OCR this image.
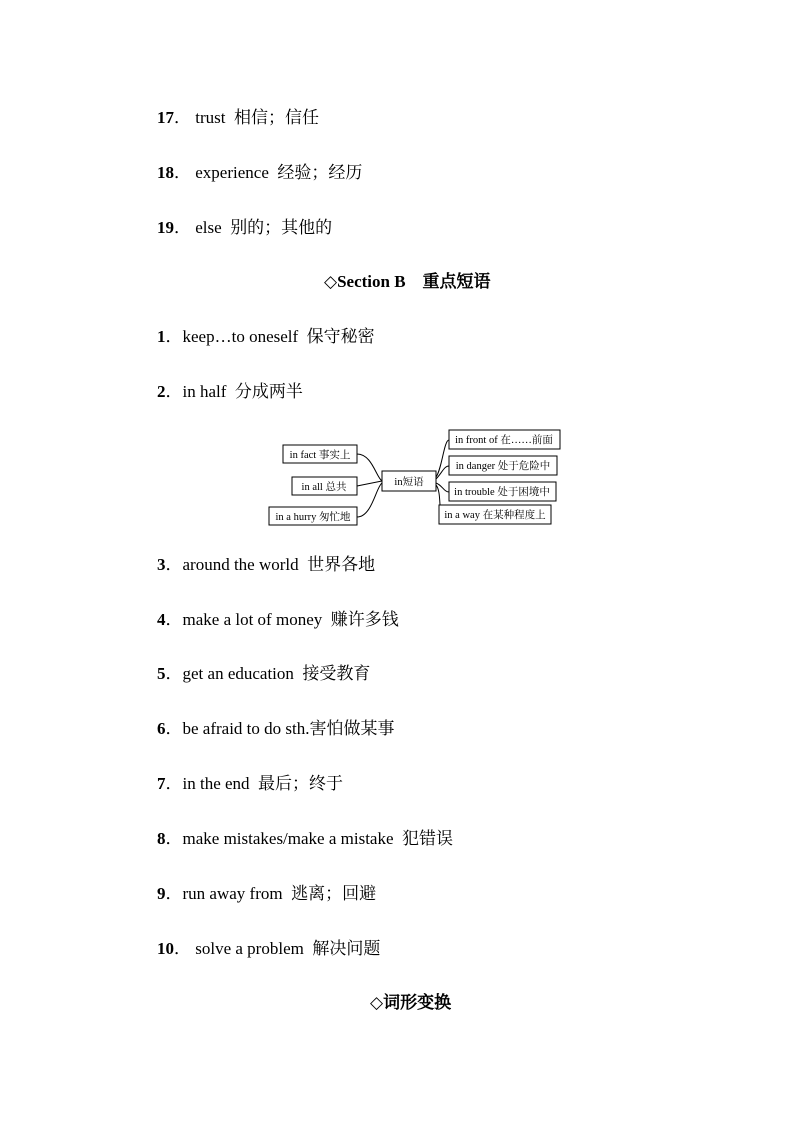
17． trust 相信；信任
18． experience 经验；经历
19． else 别的；其他的
◇Section B　重点短语
1．keep…to oneself 保守秘密
2．in half 分成两半
in短语
in fact 事实上
in all 总共
in a hurry 匆忙地
in front of 在……前面
in danger 处于危险中
in trouble 处于困境中
in a way 在某种程度上
3．around the world 世界各地
4．make a lot of money 赚许多钱
5．get an education 接受教育
6．be afraid to do sth.害怕做某事
7．in the end 最后；终于
8．make mistakes/make a mistake 犯错误
9．run away from 逃离；回避
10． solve a problem 解决问题
◇词形变换
